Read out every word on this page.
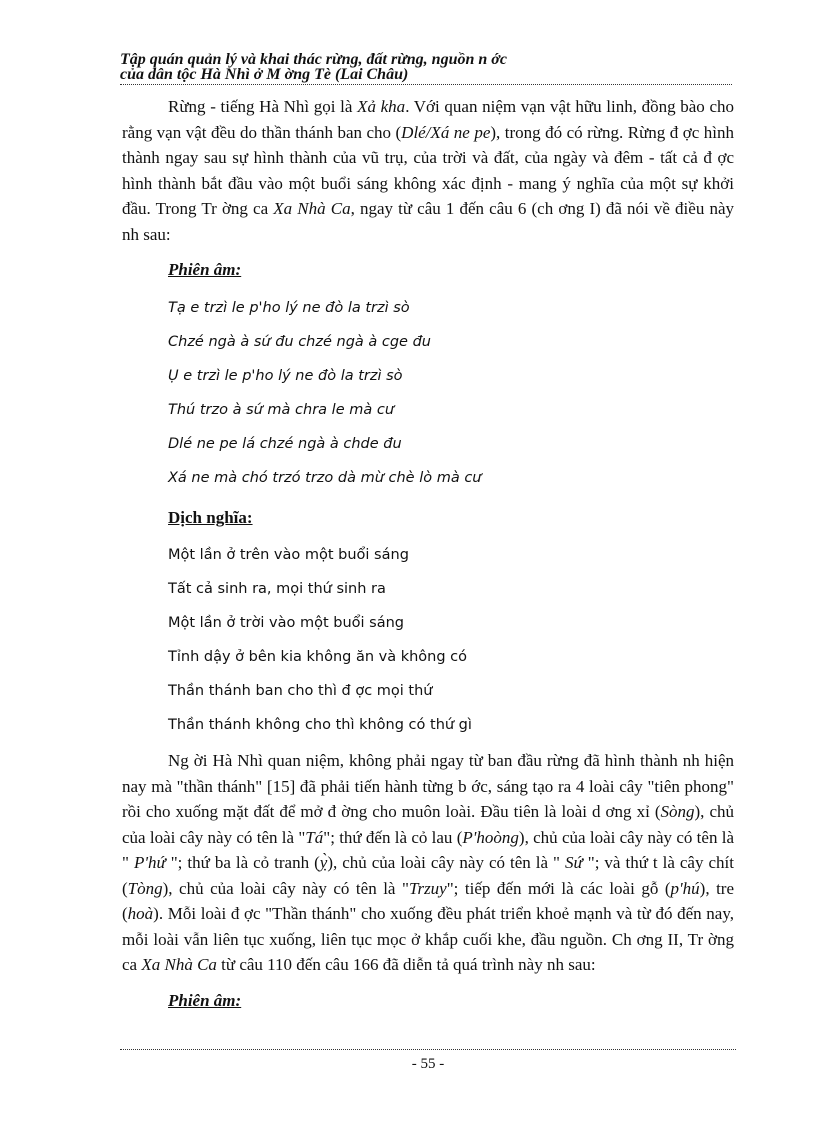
Tập quán quản lý và khai thác rừng, đất rừng, nguồn n ớc
của dân tộc Hà Nhì ở M ờng Tè (Lai Châu)

Rừng - tiếng Hà Nhì gọi là Xả kha. Với quan niệm vạn vật hữu linh, đồng bào cho rằng vạn vật đều do thần thánh ban cho (Dlé/Xá ne pe), trong đó có rừng. Rừng đ ợc hình thành ngay sau sự hình thành của vũ trụ, của trời và đất, của ngày và đêm - tất cả đ ợc hình thành bắt đầu vào một buổi sáng không xác định - mang ý nghĩa của một sự khởi đầu. Trong Tr ờng ca Xa Nhà Ca, ngay từ câu 1 đến câu 6 (ch ơng I) đã nói về điều này nh sau:

Phiên âm:
Tạ e trzì le p'ho lý ne đò la trzì sò
Chzé ngà à sứ đu chzé ngà à cge đu
Ụ e trzì le p'ho lý ne đò la trzì sò
Thú trzo à sứ mà chra le mà cư
Dlé ne pe lá chzé ngà à chde đu
Xá ne mà chó trzó trzo dà mừ chè lò mà cư
Dịch nghĩa:
Một lần ở trên vào một buổi sáng
Tất cả sinh ra, mọi thứ sinh ra
Một lần ở trời vào một buổi sáng
Tỉnh dậy ở bên kia không ăn và không có
Thần thánh ban cho thì đ ợc mọi thứ
Thần thánh không cho thì không có thứ gì

Ng ời Hà Nhì quan niệm, không phải ngay từ ban đầu rừng đã hình thành nh hiện nay mà "thần thánh" [15] đã phải tiến hành từng b ớc, sáng tạo ra 4 loài cây "tiên phong" rồi cho xuống mặt đất để mở đ ờng cho muôn loài. Đầu tiên là loài d ơng xỉ (Sòng), chủ của loài cây này có tên là "Tá"; thứ đến là cỏ lau (P'hoòng), chủ của loài cây này có tên là " P'hứ "; thứ ba là cỏ tranh (ỵ̀), chủ của loài cây này có tên là " Sứ "; và thứ t là cây chít (Tòng), chủ của loài cây này có tên là "Trzuy"; tiếp đến mới là các loài gỗ (p'hú), tre (hoà). Mỗi loài đ ợc "Thần thánh" cho xuống đều phát triển khoẻ mạnh và từ đó đến nay, mỗi loài vẫn liên tục xuống, liên tục mọc ở khắp cuối khe, đầu nguồn. Ch ơng II, Tr ờng ca Xa Nhà Ca từ câu 110 đến câu 166 đã diễn tả quá trình này nh sau:

Phiên âm:
- 55 -
